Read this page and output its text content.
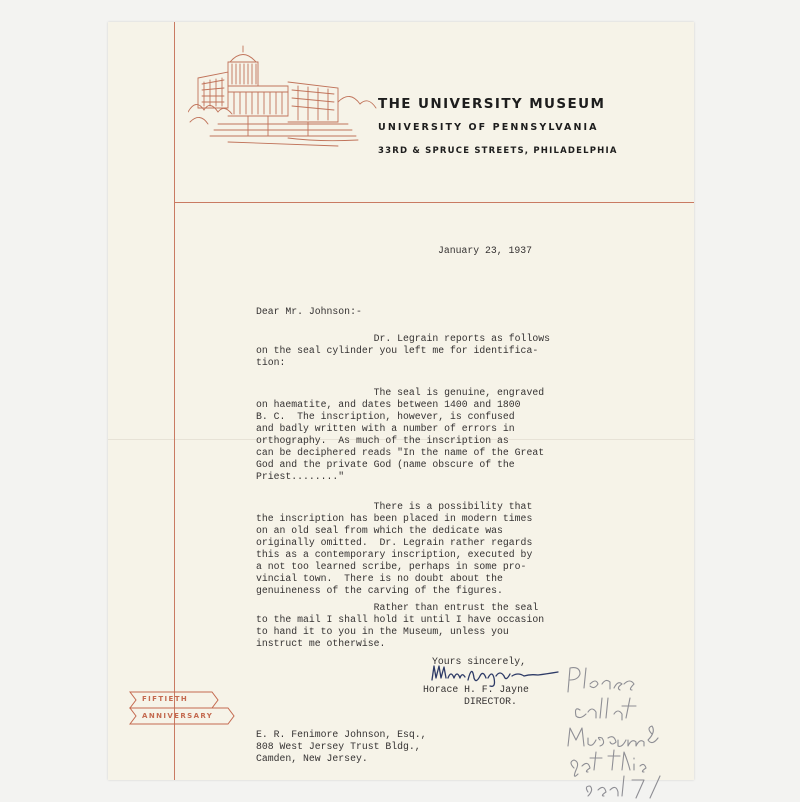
THE UNIVERSITY MUSEUM
UNIVERSITY OF PENNSYLVANIA
33RD & SPRUCE STREETS, PHILADELPHIA
January 23, 1937
Dear Mr. Johnson:-
Dr. Legrain reports as follows
on the seal cylinder you left me for identifica-
tion:
The seal is genuine, engraved
on haematite, and dates between 1400 and 1800
B. C.  The inscription, however, is confused
and badly written with a number of errors in
orthography.  As much of the inscription as
can be deciphered reads "In the name of the Great
God and the private God (name obscure of the
Priest........"
There is a possibility that
the inscription has been placed in modern times
on an old seal from which the dedicate was
originally omitted.  Dr. Legrain rather regards
this as a contemporary inscription, executed by
a not too learned scribe, perhaps in some pro-
vincial town.  There is no doubt about the
genuineness of the carving of the figures.
Rather than entrust the seal
to the mail I shall hold it until I have occasion
to hand it to you in the Museum, unless you
instruct me otherwise.
Yours sincerely,
Horace H. F. Jayne
DIRECTOR.
E. R. Fenimore Johnson, Esq.,
808 West Jersey Trust Bldg.,
Camden, New Jersey.
FIFTIETH
ANNIVERSARY
